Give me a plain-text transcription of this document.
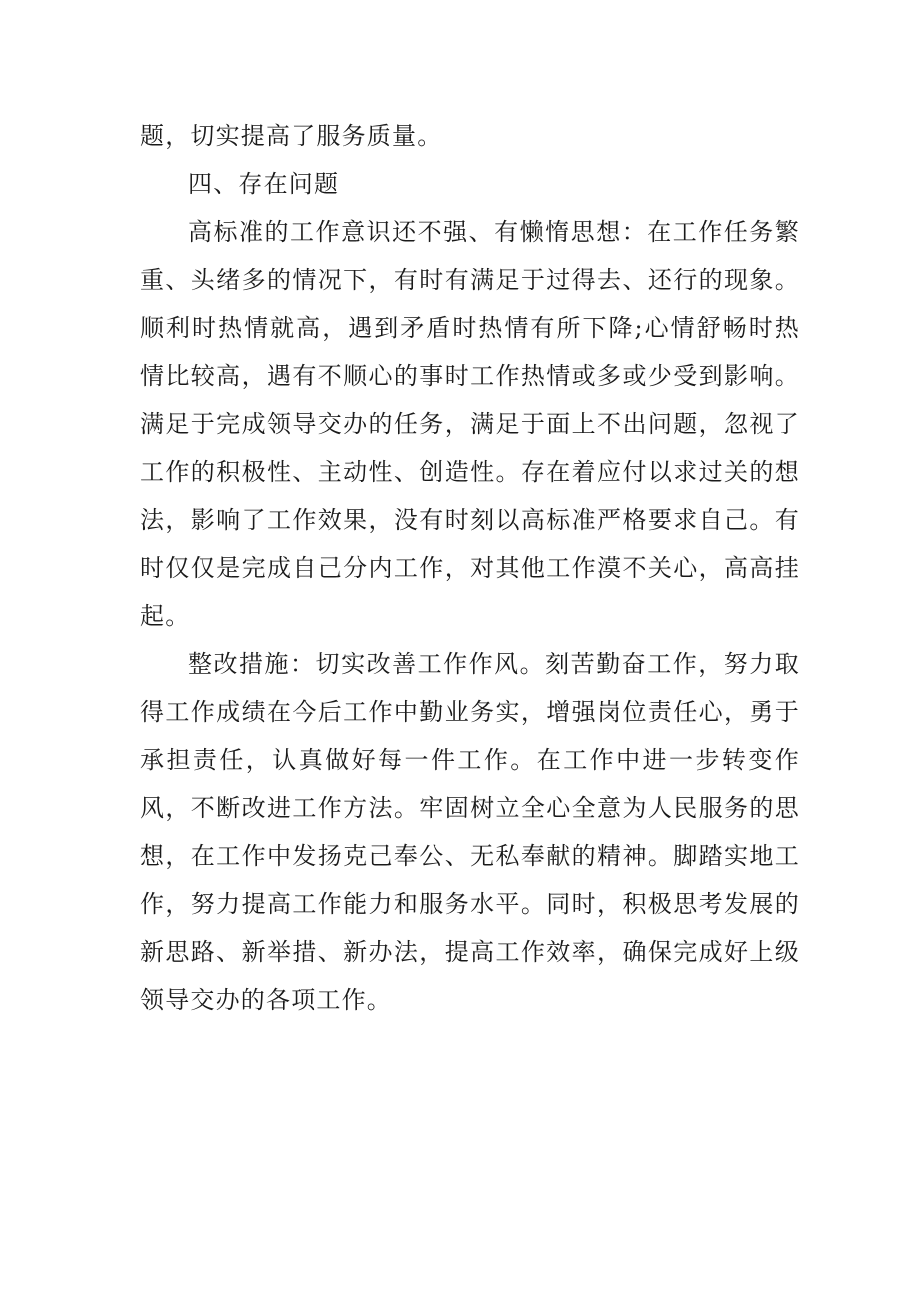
题，切实提高了服务质量。

四、存在问题

高标准的工作意识还不强、有懒惰思想：在工作任务繁重、头绪多的情况下，有时有满足于过得去、还行的现象。顺利时热情就高，遇到矛盾时热情有所下降;心情舒畅时热情比较高，遇有不顺心的事时工作热情或多或少受到影响。满足于完成领导交办的任务，满足于面上不出问题，忽视了工作的积极性、主动性、创造性。存在着应付以求过关的想法，影响了工作效果，没有时刻以高标准严格要求自己。有时仅仅是完成自己分内工作，对其他工作漠不关心，高高挂起。

整改措施：切实改善工作作风。刻苦勤奋工作，努力取得工作成绩在今后工作中勤业务实，增强岗位责任心，勇于承担责任，认真做好每一件工作。在工作中进一步转变作风，不断改进工作方法。牢固树立全心全意为人民服务的思想，在工作中发扬克己奉公、无私奉献的精神。脚踏实地工作，努力提高工作能力和服务水平。同时，积极思考发展的新思路、新举措、新办法，提高工作效率，确保完成好上级领导交办的各项工作。
